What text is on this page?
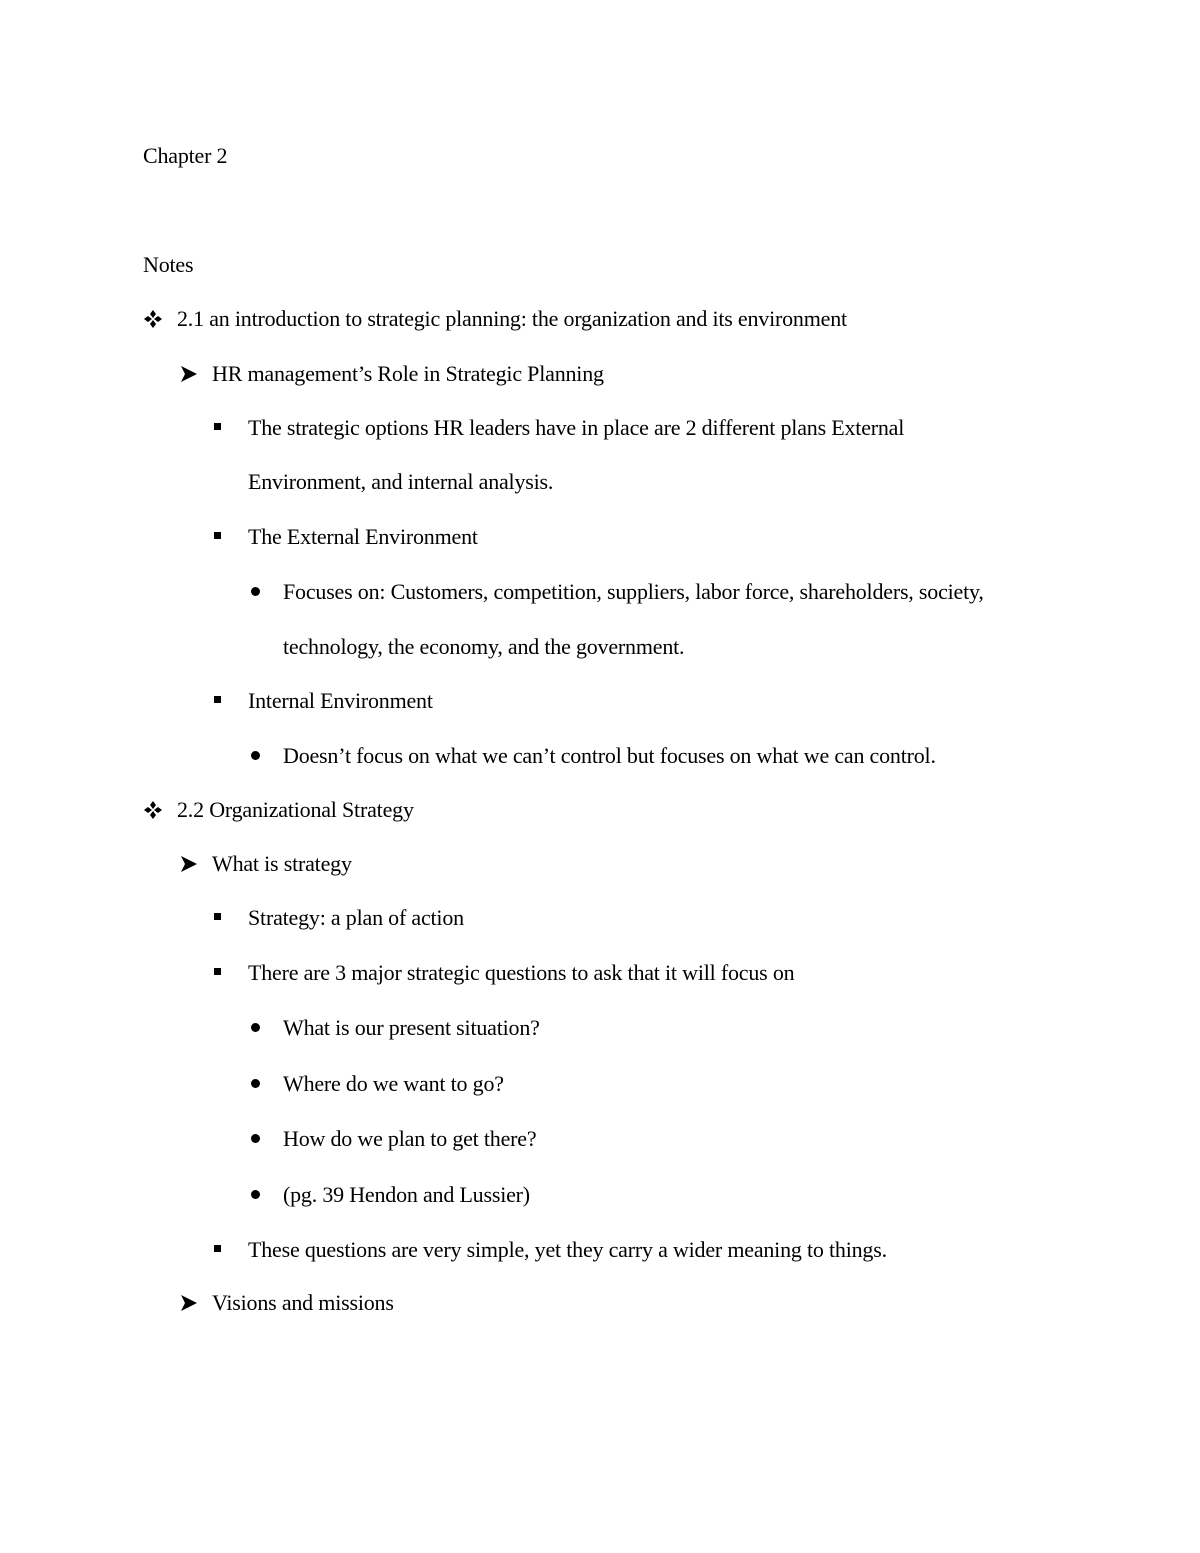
Chapter 2
Notes
2.1 an introduction to strategic planning: the organization and its environment
HR management’s Role in Strategic Planning
The strategic options HR leaders have in place are 2 different plans External
Environment, and internal analysis.
The External Environment
Focuses on: Customers, competition, suppliers, labor force, shareholders, society,
technology, the economy, and the government.
Internal Environment
Doesn’t focus on what we can’t control but focuses on what we can control.
2.2 Organizational Strategy
What is strategy
Strategy: a plan of action
There are 3 major strategic questions to ask that it will focus on
What is our present situation?
Where do we want to go?
How do we plan to get there?
(pg. 39 Hendon and Lussier)
These questions are very simple, yet they carry a wider meaning to things.
Visions and missions
